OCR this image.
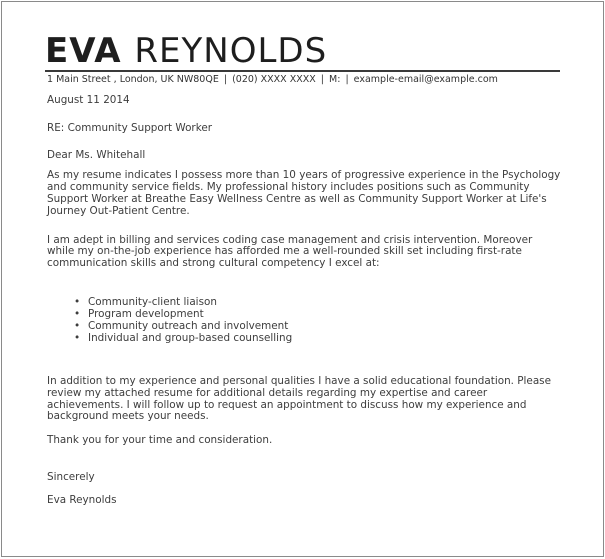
EVA REYNOLDS
1 Main Street , London, UK NW80QE | (020) XXXX XXXX | M: | example-email@example.com

August 11 2014

RE: Community Support Worker

Dear Ms. Whitehall

As my resume indicates I possess more than 10 years of progressive experience in the Psychology and community service fields. My professional history includes positions such as Community Support Worker at Breathe Easy Wellness Centre as well as Community Support Worker at Life's Journey Out-Patient Centre.

I am adept in billing and services coding case management and crisis intervention. Moreover while my on-the-job experience has afforded me a well-rounded skill set including first-rate communication skills and strong cultural competency I excel at:

• Community-client liaison
• Program development
• Community outreach and involvement
• Individual and group-based counselling

In addition to my experience and personal qualities I have a solid educational foundation. Please review my attached resume for additional details regarding my expertise and career achievements. I will follow up to request an appointment to discuss how my experience and background meets your needs.

Thank you for your time and consideration.

Sincerely

Eva Reynolds
